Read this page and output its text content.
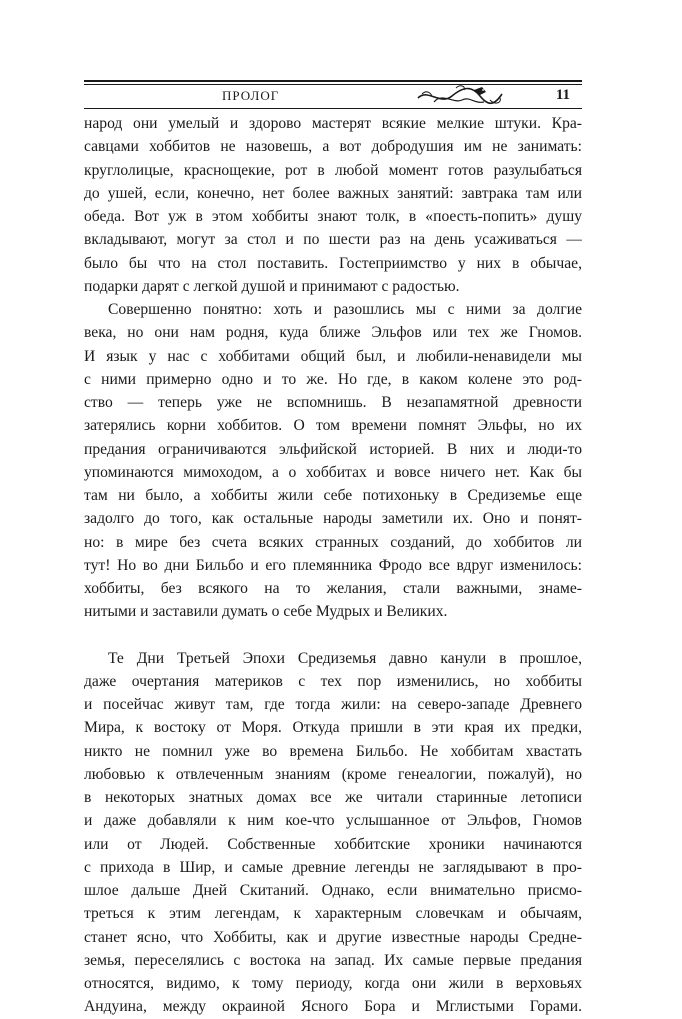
ПРОЛОГ	11
народ они умелый и здорово мастерят всякие мелкие штуки. Кра-
савцами хоббитов не назовешь, а вот добродушия им не занимать:
круглолицые, краснощекие, рот в любой момент готов разулыбаться
до ушей, если, конечно, нет более важных занятий: завтрака там или
обеда. Вот уж в этом хоббиты знают толк, в «поесть-попить» душу
вкладывают, могут за стол и по шести раз на день усаживаться —
было бы что на стол поставить. Гостеприимство у них в обычае,
подарки дарят с легкой душой и принимают с радостью.
Совершенно понятно: хоть и разошлись мы с ними за долгие
века, но они нам родня, куда ближе Эльфов или тех же Гномов.
И язык у нас с хоббитами общий был, и любили-ненавидели мы
с ними примерно одно и то же. Но где, в каком колене это род-
ство — теперь уже не вспомнишь. В незапамятной древности
затерялись корни хоббитов. О том времени помнят Эльфы, но их
предания ограничиваются эльфийской историей. В них и люди-то
упоминаются мимоходом, а о хоббитах и вовсе ничего нет. Как бы
там ни было, а хоббиты жили себе потихоньку в Средиземье еще
задолго до того, как остальные народы заметили их. Оно и понят-
но: в мире без счета всяких странных созданий, до хоббитов ли
тут! Но во дни Бильбо и его племянника Фродо все вдруг изменилось:
хоббиты, без всякого на то желания, стали важными, знаме-
нитыми и заставили думать о себе Мудрых и Великих.
Те Дни Третьей Эпохи Средиземья давно канули в прошлое,
даже очертания материков с тех пор изменились, но хоббиты
и посейчас живут там, где тогда жили: на северо-западе Древнего
Мира, к востоку от Моря. Откуда пришли в эти края их предки,
никто не помнил уже во времена Бильбо. Не хоббитам хвастать
любовью к отвлеченным знаниям (кроме генеалогии, пожалуй), но
в некоторых знатных домах все же читали старинные летописи
и даже добавляли к ним кое-что услышанное от Эльфов, Гномов
или от Людей. Собственные хоббитские хроники начинаются
с прихода в Шир, и самые древние легенды не заглядывают в про-
шлое дальше Дней Скитаний. Однако, если внимательно присмо-
треться к этим легендам, к характерным словечкам и обычаям,
станет ясно, что Хоббиты, как и другие известные народы Средне-
земья, переселялись с востока на запад. Их самые первые предания
относятся, видимо, к тому периоду, когда они жили в верховьях
Андуина, между окраиной Ясного Бора и Мглистыми Горами.
